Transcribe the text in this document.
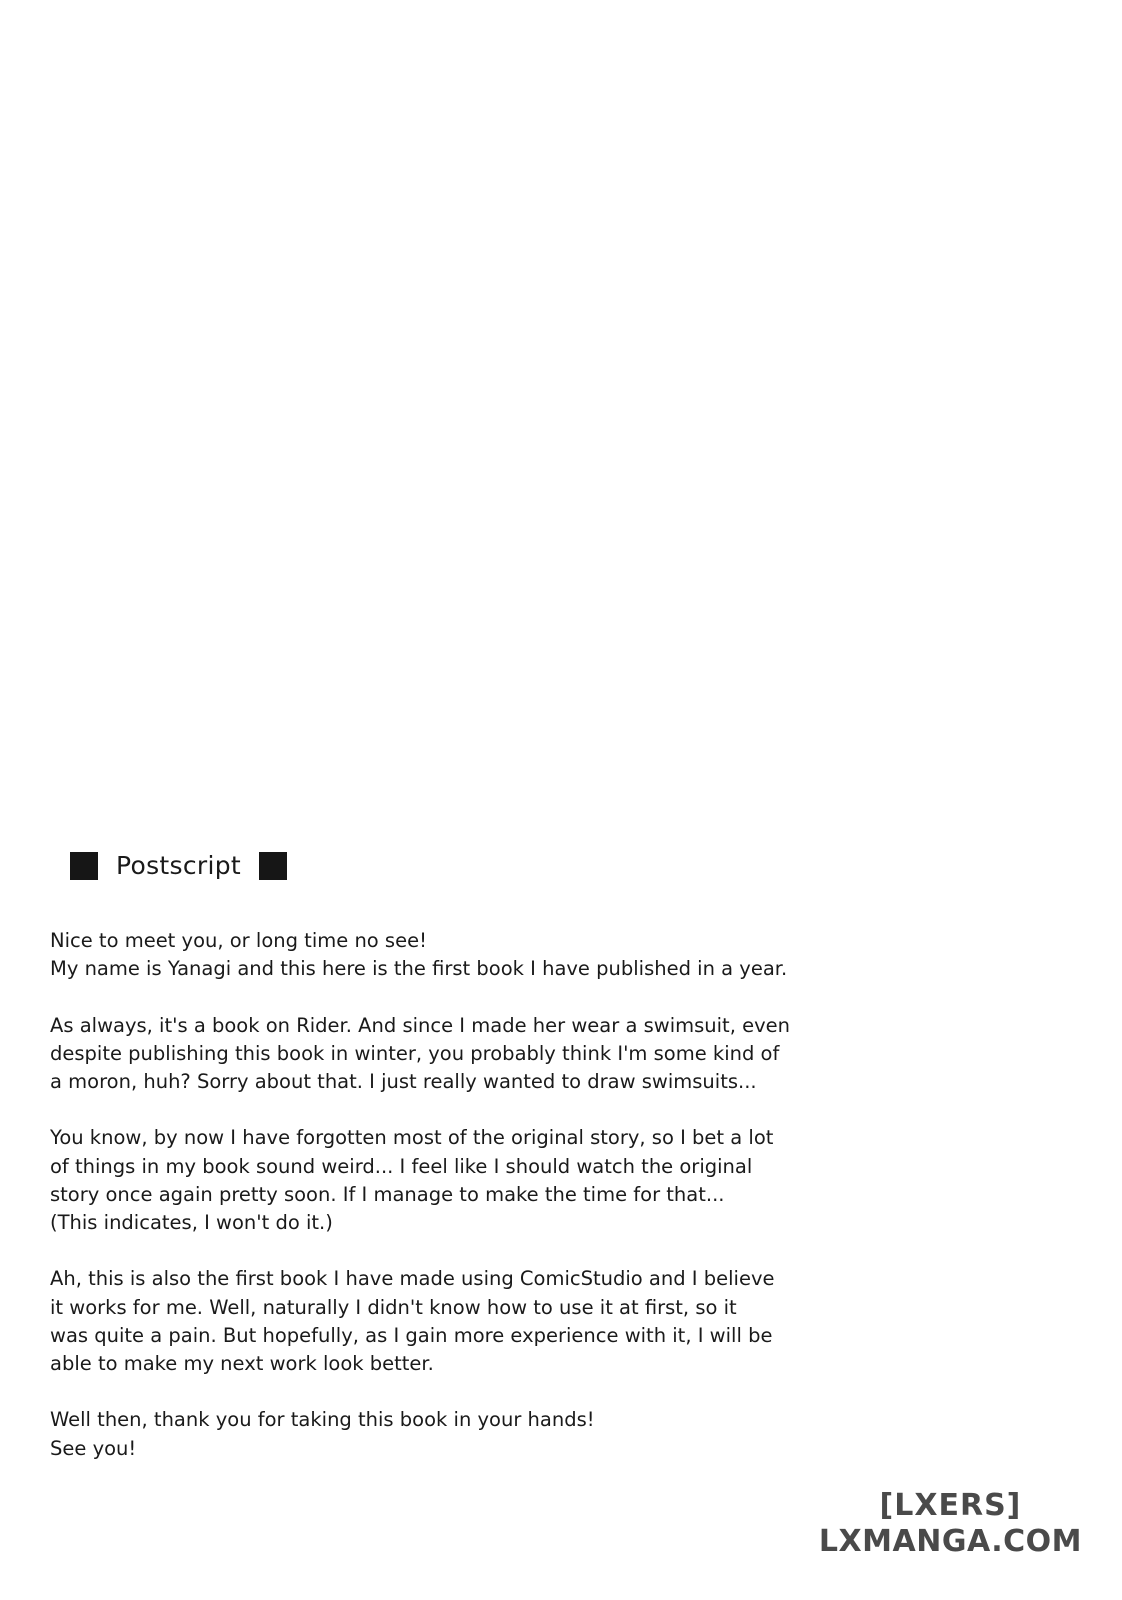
Postscript

Nice to meet you, or long time no see!
My name is Yanagi and this here is the first book I have published in a year.

As always, it's a book on Rider. And since I made her wear a swimsuit, even
despite publishing this book in winter, you probably think I'm some kind of
a moron, huh? Sorry about that. I just really wanted to draw swimsuits...

You know, by now I have forgotten most of the original story, so I bet a lot
of things in my book sound weird... I feel like I should watch the original
story once again pretty soon. If I manage to make the time for that...
(This indicates, I won't do it.)

Ah, this is also the first book I have made using ComicStudio and I believe
it works for me. Well, naturally I didn't know how to use it at first, so it
was quite a pain. But hopefully, as I gain more experience with it, I will be
able to make my next work look better.

Well then, thank you for taking this book in your hands!
See you!

[LXERS]
LXMANGA.COM
